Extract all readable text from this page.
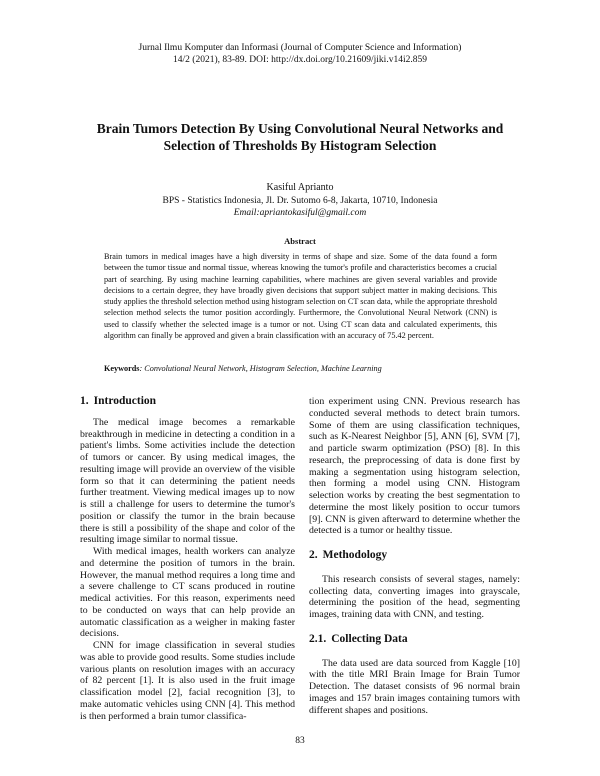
Jurnal Ilmu Komputer dan Informasi (Journal of Computer Science and Information)
14/2 (2021), 83-89. DOI: http://dx.doi.org/10.21609/jiki.v14i2.859
Brain Tumors Detection By Using Convolutional Neural Networks and
Selection of Thresholds By Histogram Selection
Kasiful Aprianto
BPS - Statistics Indonesia, Jl. Dr. Sutomo 6-8, Jakarta, 10710, Indonesia
Email:apriantokasiful@gmail.com
Abstract
Brain tumors in medical images have a high diversity in terms of shape and size. Some of the data found a form between the tumor tissue and normal tissue, whereas knowing the tumor's profile and characteristics becomes a crucial part of searching. By using machine learning capabilities, where machines are given several variables and provide decisions to a certain degree, they have broadly given decisions that support subject matter in making decisions. This study applies the threshold selection method using histogram selection on CT scan data, while the appropriate threshold selection method selects the tumor position accordingly. Furthermore, the Convolutional Neural Network (CNN) is used to classify whether the selected image is a tumor or not. Using CT scan data and calculated experiments, this algorithm can finally be approved and given a brain classification with an accuracy of 75.42 percent.
Keywords: Convolutional Neural Network, Histogram Selection, Machine Learning
1. Introduction

The medical image becomes a remarkable breakthrough in medicine in detecting a condition in a patient's limbs. Some activities include the detection of tumors or cancer. By using medical images, the resulting image will provide an overview of the visible form so that it can determining the patient needs further treatment. Viewing medical images up to now is still a challenge for users to determine the tumor's position or classify the tumor in the brain because there is still a possibility of the shape and color of the resulting image similar to normal tissue.

With medical images, health workers can analyze and determine the position of tumors in the brain. However, the manual method requires a long time and a severe challenge to CT scans produced in routine medical activities. For this reason, experiments need to be conducted on ways that can help provide an automatic classification as a weigher in making faster decisions.

CNN for image classification in several studies was able to provide good results. Some studies include various plants on resolution images with an accuracy of 82 percent [1]. It is also used in the fruit image classification model [2], facial recognition [3], to make automatic vehicles using CNN [4]. This method is then performed a brain tumor classifica-

tion experiment using CNN. Previous research has conducted several methods to detect brain tumors. Some of them are using classification techniques, such as K-Nearest Neighbor [5], ANN [6], SVM [7], and particle swarm optimization (PSO) [8]. In this research, the preprocessing of data is done first by making a segmentation using histogram selection, then forming a model using CNN. Histogram selection works by creating the best segmentation to determine the most likely position to occur tumors [9]. CNN is given afterward to determine whether the detected is a tumor or healthy tissue.

2. Methodology

This research consists of several stages, namely: collecting data, converting images into grayscale, determining the position of the head, segmenting images, training data with CNN, and testing.

2.1. Collecting Data

The data used are data sourced from Kaggle [10] with the title MRI Brain Image for Brain Tumor Detection. The dataset consists of 96 normal brain images and 157 brain images containing tumors with different shapes and positions.

83
